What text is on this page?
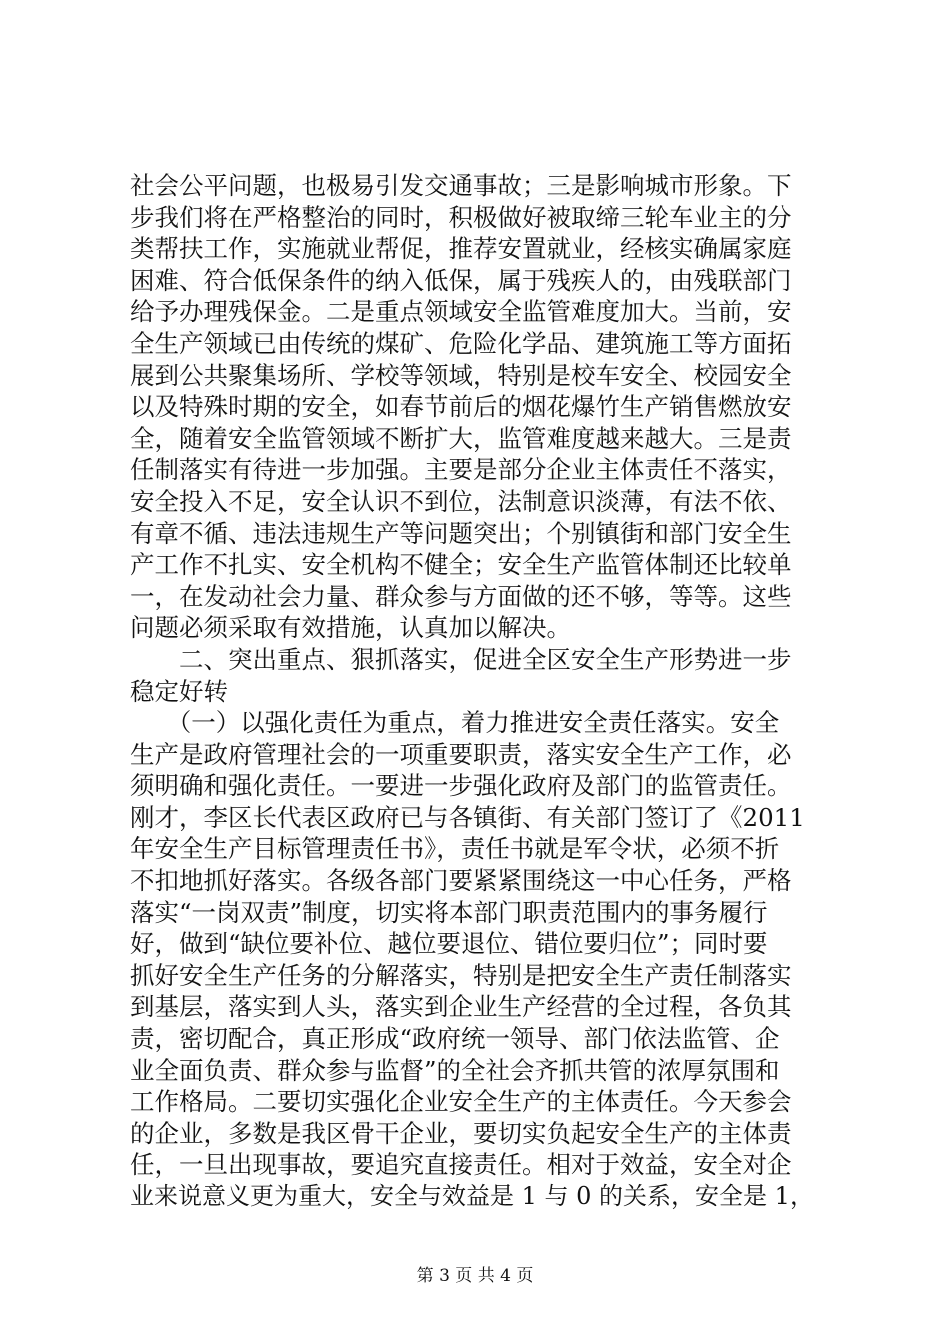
社会公平问题，也极易引发交通事故；三是影响城市形象。下
步我们将在严格整治的同时，积极做好被取缔三轮车业主的分
类帮扶工作，实施就业帮促，推荐安置就业，经核实确属家庭
困难、符合低保条件的纳入低保，属于残疾人的，由残联部门
给予办理残保金。二是重点领域安全监管难度加大。当前，安
全生产领域已由传统的煤矿、危险化学品、建筑施工等方面拓
展到公共聚集场所、学校等领域，特别是校车安全、校园安全
以及特殊时期的安全，如春节前后的烟花爆竹生产销售燃放安
全，随着安全监管领域不断扩大，监管难度越来越大。三是责
任制落实有待进一步加强。主要是部分企业主体责任不落实，
安全投入不足，安全认识不到位，法制意识淡薄，有法不依、
有章不循、违法违规生产等问题突出；个别镇街和部门安全生
产工作不扎实、安全机构不健全；安全生产监管体制还比较单
一，在发动社会力量、群众参与方面做的还不够，等等。这些
问题必须采取有效措施，认真加以解决。
　　二、突出重点、狠抓落实，促进全区安全生产形势进一步
稳定好转
　　（一）以强化责任为重点，着力推进安全责任落实。安全
生产是政府管理社会的一项重要职责，落实安全生产工作，必
须明确和强化责任。一要进一步强化政府及部门的监管责任。
刚才，李区长代表区政府已与各镇街、有关部门签订了《2011
年安全生产目标管理责任书》，责任书就是军令状，必须不折
不扣地抓好落实。各级各部门要紧紧围绕这一中心任务，严格
落实“一岗双责”制度，切实将本部门职责范围内的事务履行
好，做到“缺位要补位、越位要退位、错位要归位”；同时要
抓好安全生产任务的分解落实，特别是把安全生产责任制落实
到基层，落实到人头，落实到企业生产经营的全过程，各负其
责，密切配合，真正形成“政府统一领导、部门依法监管、企
业全面负责、群众参与监督”的全社会齐抓共管的浓厚氛围和
工作格局。二要切实强化企业安全生产的主体责任。今天参会
的企业，多数是我区骨干企业，要切实负起安全生产的主体责
任，一旦出现事故，要追究直接责任。相对于效益，安全对企
业来说意义更为重大，安全与效益是 1 与 0 的关系，安全是 1，
第 3 页 共 4 页
